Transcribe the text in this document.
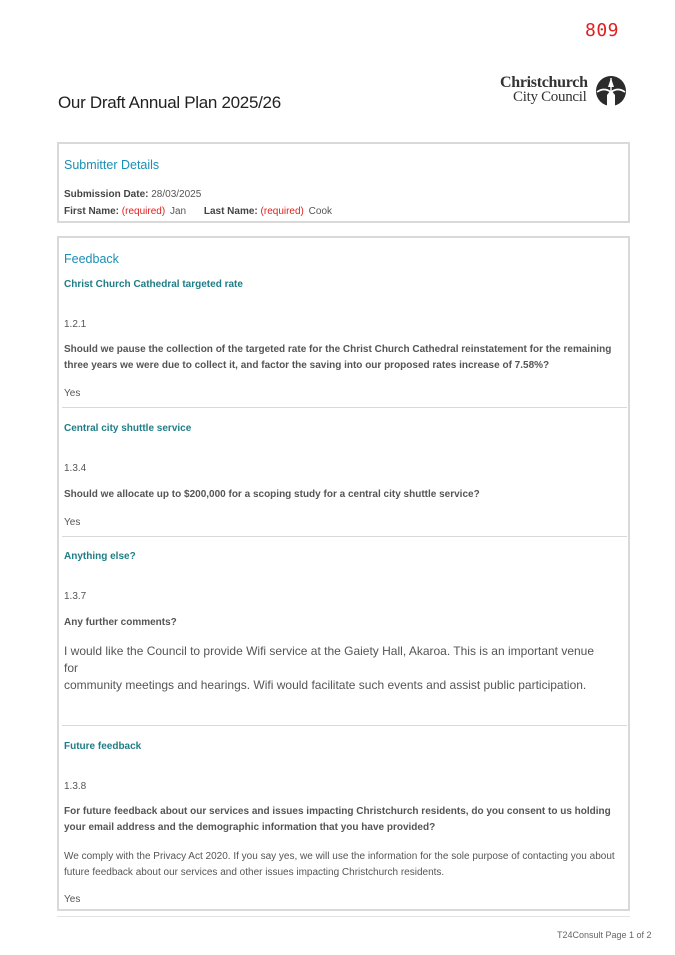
809
Our Draft Annual Plan 2025/26
Christchurch
City Council
Submitter Details
Submission Date: 28/03/2025
First Name: (required) Jan Last Name: (required) Cook
Feedback
Christ Church Cathedral targeted rate
1.2.1
Should we pause the collection of the targeted rate for the Christ Church Cathedral reinstatement for the remaining
three years we were due to collect it, and factor the saving into our proposed rates increase of 7.58%?
Yes
Central city shuttle service
1.3.4
Should we allocate up to $200,000 for a scoping study for a central city shuttle service?
Yes
Anything else?
1.3.7
Any further comments?
I would like the Council to provide Wifi service at the Gaiety Hall, Akaroa. This is an important venue for
community meetings and hearings. Wifi would facilitate such events and assist public participation.
Future feedback
1.3.8
For future feedback about our services and issues impacting Christchurch residents, do you consent to us holding
your email address and the demographic information that you have provided?
We comply with the Privacy Act 2020. If you say yes, we will use the information for the sole purpose of contacting you about
future feedback about our services and other issues impacting Christchurch residents.
Yes
T24Consult Page 1 of 2
